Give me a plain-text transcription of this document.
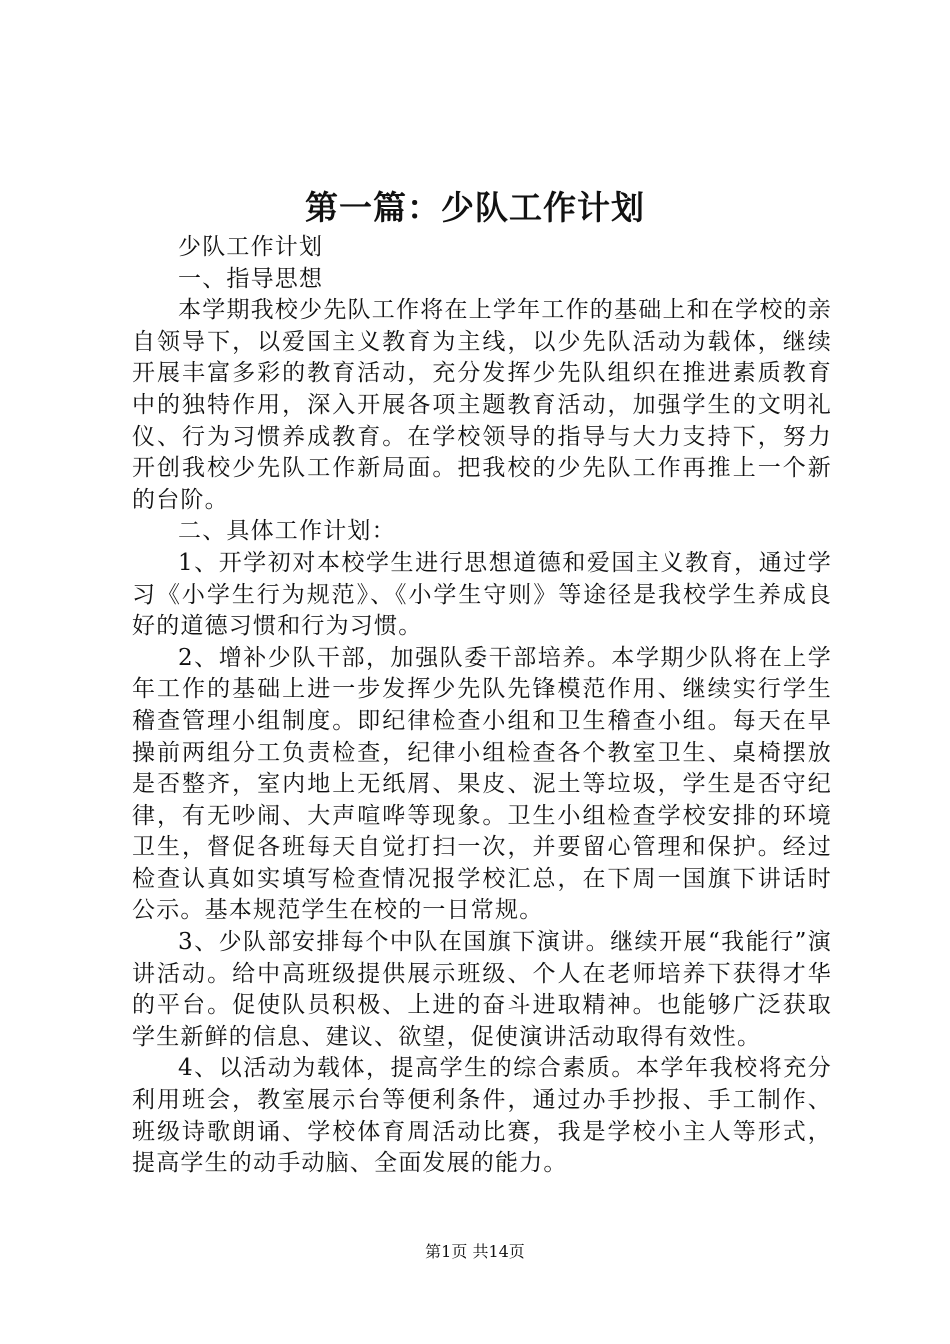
第一篇：少队工作计划

少队工作计划

一、指导思想

本学期我校少先队工作将在上学年工作的基础上和在学校的亲自领导下，以爱国主义教育为主线，以少先队活动为载体，继续开展丰富多彩的教育活动，充分发挥少先队组织在推进素质教育中的独特作用，深入开展各项主题教育活动，加强学生的文明礼仪、行为习惯养成教育。在学校领导的指导与大力支持下，努力开创我校少先队工作新局面。把我校的少先队工作再推上一个新的台阶。

二、具体工作计划：

1、开学初对本校学生进行思想道德和爱国主义教育，通过学习《小学生行为规范》、《小学生守则》等途径是我校学生养成良好的道德习惯和行为习惯。

2、增补少队干部，加强队委干部培养。本学期少队将在上学年工作的基础上进一步发挥少先队先锋模范作用、继续实行学生稽查管理小组制度。即纪律检查小组和卫生稽查小组。每天在早操前两组分工负责检查，纪律小组检查各个教室卫生、桌椅摆放是否整齐，室内地上无纸屑、果皮、泥土等垃圾，学生是否守纪律，有无吵闹、大声喧哗等现象。卫生小组检查学校安排的环境卫生，督促各班每天自觉打扫一次，并要留心管理和保护。经过检查认真如实填写检查情况报学校汇总，在下周一国旗下讲话时公示。基本规范学生在校的一日常规。

3、少队部安排每个中队在国旗下演讲。继续开展“我能行”演讲活动。给中高班级提供展示班级、个人在老师培养下获得才华的平台。促使队员积极、上进的奋斗进取精神。也能够广泛获取学生新鲜的信息、建议、欲望，促使演讲活动取得有效性。

4、以活动为载体，提高学生的综合素质。本学年我校将充分利用班会，教室展示台等便利条件，通过办手抄报、手工制作、班级诗歌朗诵、学校体育周活动比赛，我是学校小主人等形式，提高学生的动手动脑、全面发展的能力。

第1页 共14页
